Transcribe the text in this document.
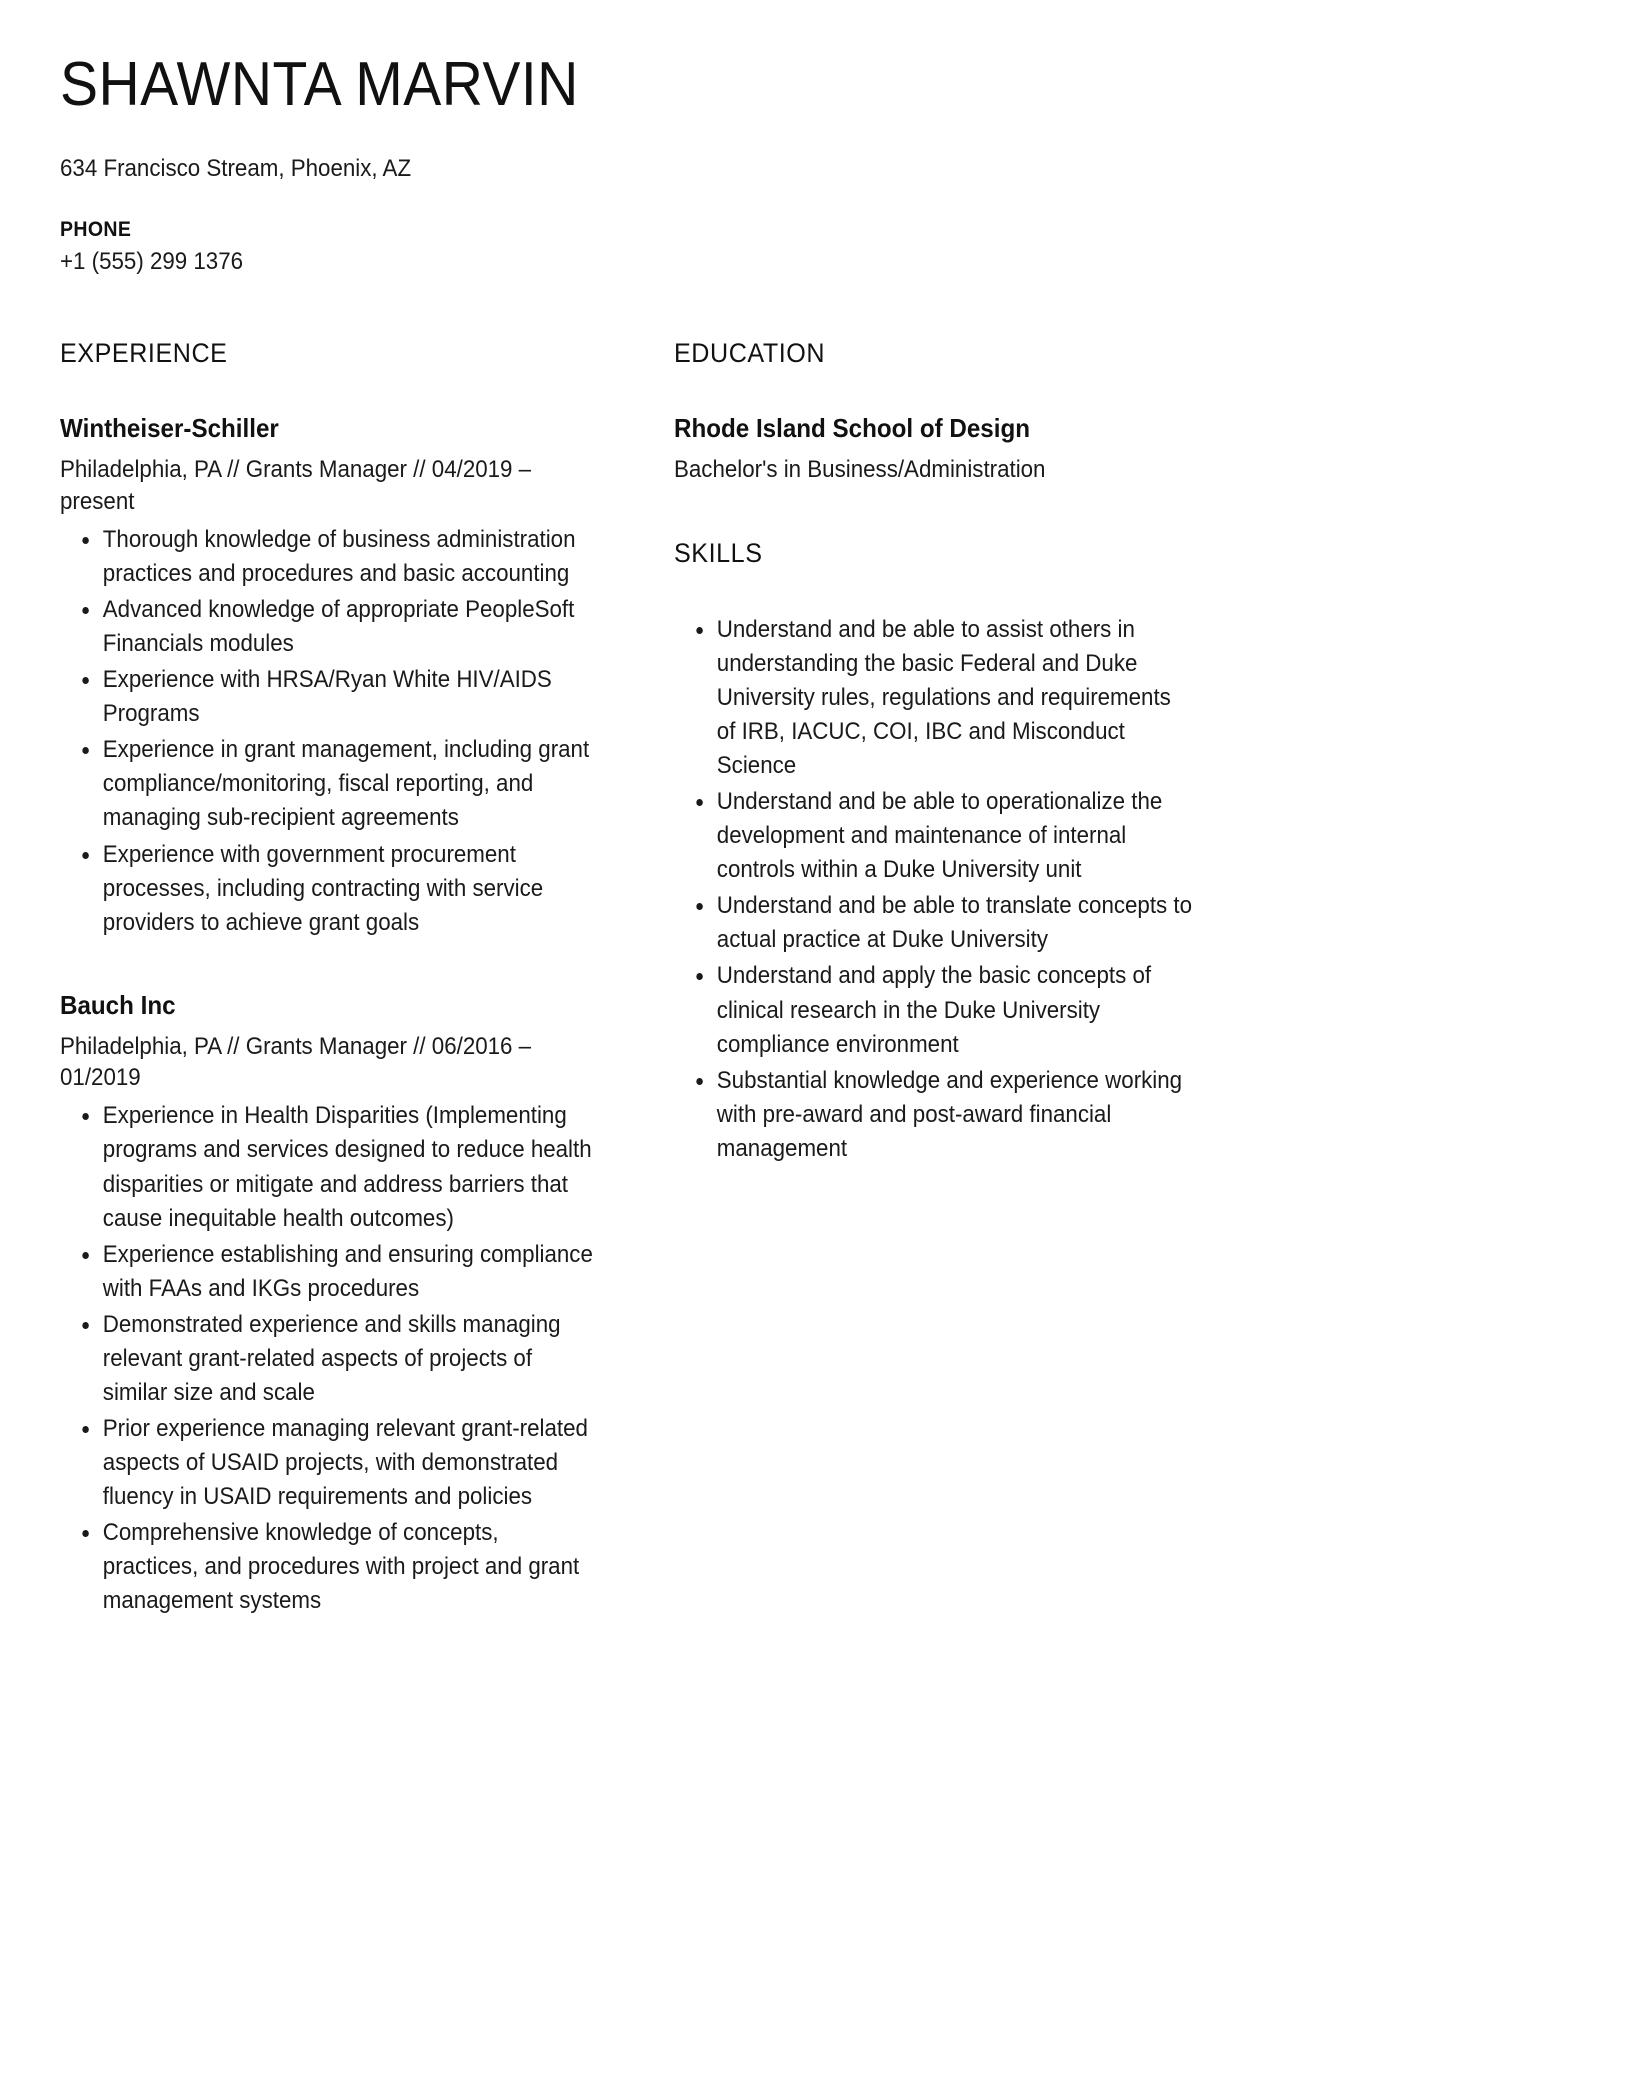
SHAWNTA MARVIN

634 Francisco Stream, Phoenix, AZ

PHONE

+1 (555) 299 1376

EXPERIENCE
Wintheiser-Schiller

Philadelphia, PA // Grants Manager // 04/2019 – present

Thorough knowledge of business administration practices and procedures and basic accounting
Advanced knowledge of appropriate PeopleSoft Financials modules
Experience with HRSA/Ryan White HIV/AIDS Programs
Experience in grant management, including grant compliance/monitoring, fiscal reporting, and managing sub-recipient agreements
Experience with government procurement processes, including contracting with service providers to achieve grant goals
Bauch Inc

Philadelphia, PA // Grants Manager // 06/2016 – 01/2019

Experience in Health Disparities (Implementing programs and services designed to reduce health disparities or mitigate and address barriers that cause inequitable health outcomes)
Experience establishing and ensuring compliance with FAAs and IKGs procedures
Demonstrated experience and skills managing relevant grant-related aspects of projects of similar size and scale
Prior experience managing relevant grant-related aspects of USAID projects, with demonstrated fluency in USAID requirements and policies
Comprehensive knowledge of concepts, practices, and procedures with project and grant management systems
EDUCATION
Rhode Island School of Design

Bachelor's in Business/Administration

SKILLS
Understand and be able to assist others in understanding the basic Federal and Duke University rules, regulations and requirements of IRB, IACUC, COI, IBC and Misconduct Science
Understand and be able to operationalize the development and maintenance of internal controls within a Duke University unit
Understand and be able to translate concepts to actual practice at Duke University
Understand and apply the basic concepts of clinical research in the Duke University compliance environment
Substantial knowledge and experience working with pre-award and post-award financial management
